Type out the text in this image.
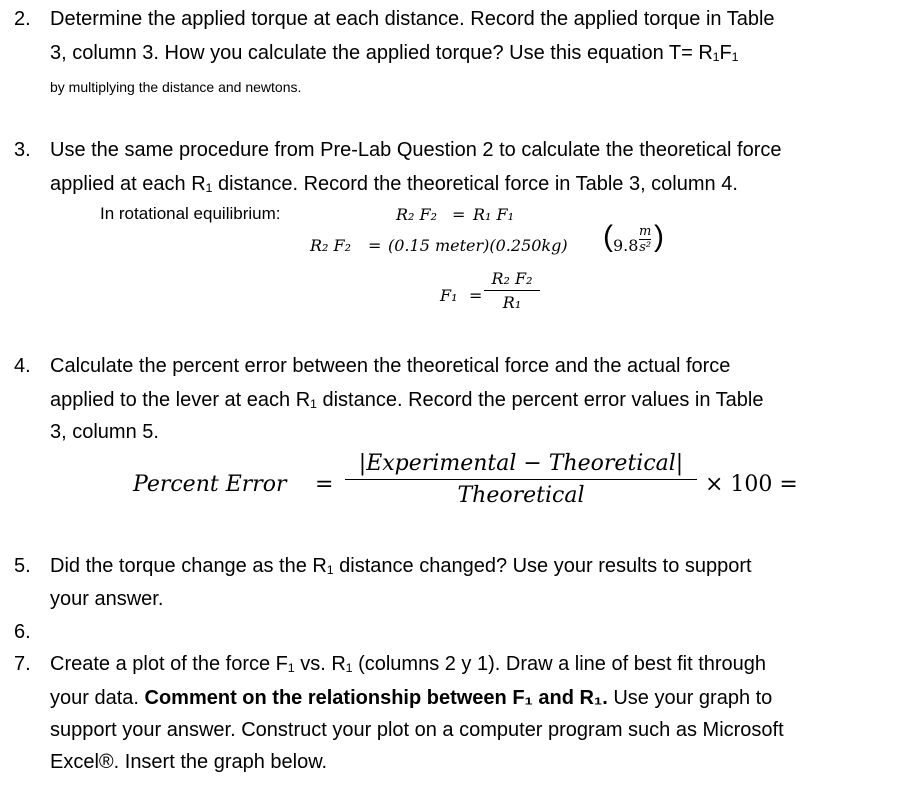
2. Determine the applied torque at each distance. Record the applied torque in Table
3, column 3. How you calculate the applied torque? Use this equation T= R₁F₁
by multiplying the distance and newtons.
3. Use the same procedure from Pre-Lab Question 2 to calculate the theoretical force
applied at each R₁ distance. Record the theoretical force in Table 3, column 4.
In rotational equilibrium:	R₂ F₂ = R₁ F₁
R₂ F₂ = (0.15 meter)(0.250kg) ( 9.8
m
s² )
F₁ =
R₂ F₂
R₁
4. Calculate the percent error between the theoretical force and the actual force
applied to the lever at each R₁ distance. Record the percent error values in Table
3, column 5.
Percent Error =
|Experimental − Theoretical|
Theoretical	× 100 =
5. Did the torque change as the R₁ distance changed? Use your results to support
your answer.
6.
7. Create a plot of the force F₁ vs. R₁ (columns 2 y 1). Draw a line of best fit through
your data. Comment on the relationship between F₁ and R₁. Use your graph to
support your answer. Construct your plot on a computer program such as Microsoft
Excel®. Insert the graph below.
